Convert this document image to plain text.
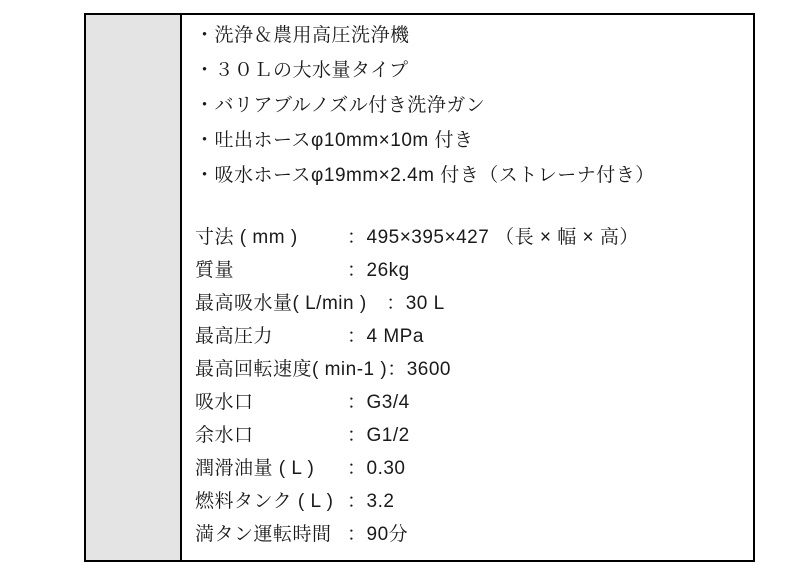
・洗浄＆農用高圧洗浄機
・３０Ｌの大水量タイプ
・バリアブルノズル付き洗浄ガン
・吐出ホースφ10mm×10m 付き
・吸水ホースφ19mm×2.4m 付き（ストレーナ付き）
寸法 ( mm )	：495×395×427 （長 × 幅 × 高）
質量	：26kg
最高吸水量( L/min )　 ：30 L
最高圧力	：4 MPa
最高回転速度( min-1 ) ：3600
吸水口	：G3/4
余水口	：G1/2
潤滑油量 ( L )	：0.30
燃料タンク ( L ) ：3.2
満タン運転時間 ：90分
